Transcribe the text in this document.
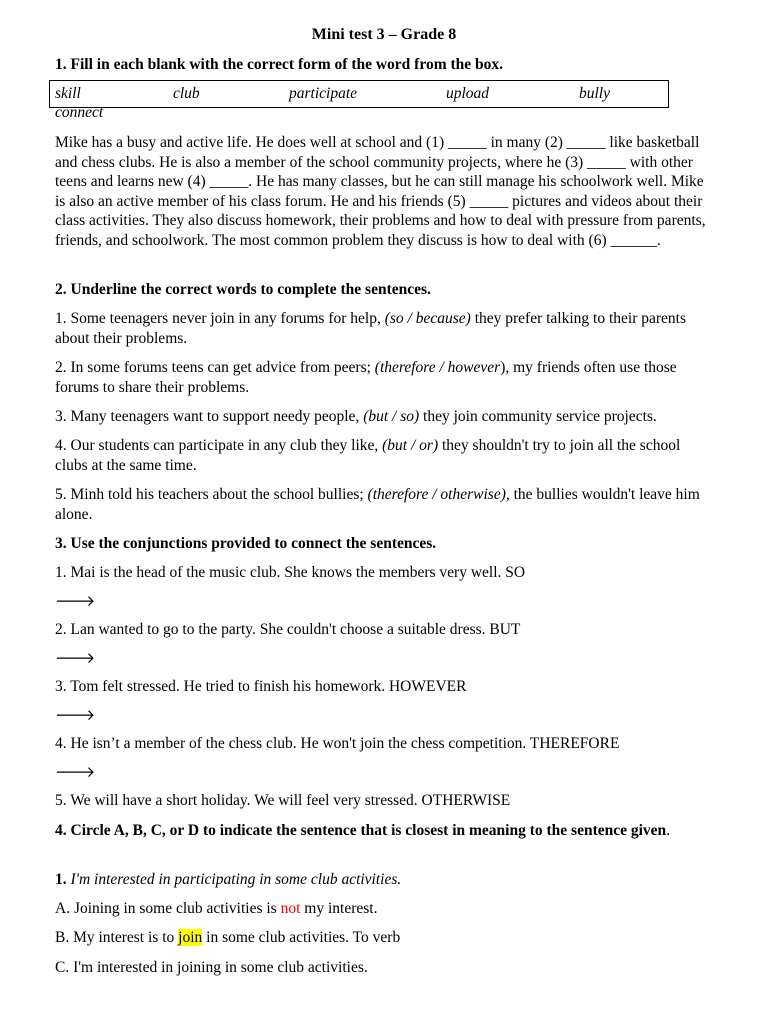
Mini test 3 – Grade 8
1. Fill in each blank with the correct form of the word from the box.
skill	club	participate	upload	bully
connect
Mike has a busy and active life. He does well at school and (1) _____ in many (2) _____ like basketball and chess clubs. He is also a member of the school community projects, where he (3) _____ with other teens and learns new (4) _____. He has many classes, but he can still manage his schoolwork well. Mike is also an active member of his class forum. He and his friends (5) _____ pictures and videos about their class activities. They also discuss homework, their problems and how to deal with pressure from parents, friends, and schoolwork. The most common problem they discuss is how to deal with (6) ______.
2. Underline the correct words to complete the sentences.
1. Some teenagers never join in any forums for help, (so / because) they prefer talking to their parents about their problems.
2. In some forums teens can get advice from peers; (therefore / however), my friends often use those forums to share their problems.
3. Many teenagers want to support needy people, (but / so) they join community service projects.
4. Our students can participate in any club they like, (but / or) they shouldn't try to join all the school clubs at the same time.
5. Minh told his teachers about the school bullies; (therefore / otherwise), the bullies wouldn't leave him alone.
3. Use the conjunctions provided to connect the sentences.
1. Mai is the head of the music club. She knows the members very well. SO
🡒
2. Lan wanted to go to the party. She couldn't choose a suitable dress. BUT
🡒
3. Tom felt stressed. He tried to finish his homework. HOWEVER
🡒
4. He isn’t a member of the chess club. He won't join the chess competition. THEREFORE
🡒
5. We will have a short holiday. We will feel very stressed. OTHERWISE
4. Circle A, B, C, or D to indicate the sentence that is closest in meaning to the sentence given.
1. I'm interested in participating in some club activities.
A. Joining in some club activities is not my interest.
B. My interest is to join in some club activities. To verb
C. I'm interested in joining in some club activities.
